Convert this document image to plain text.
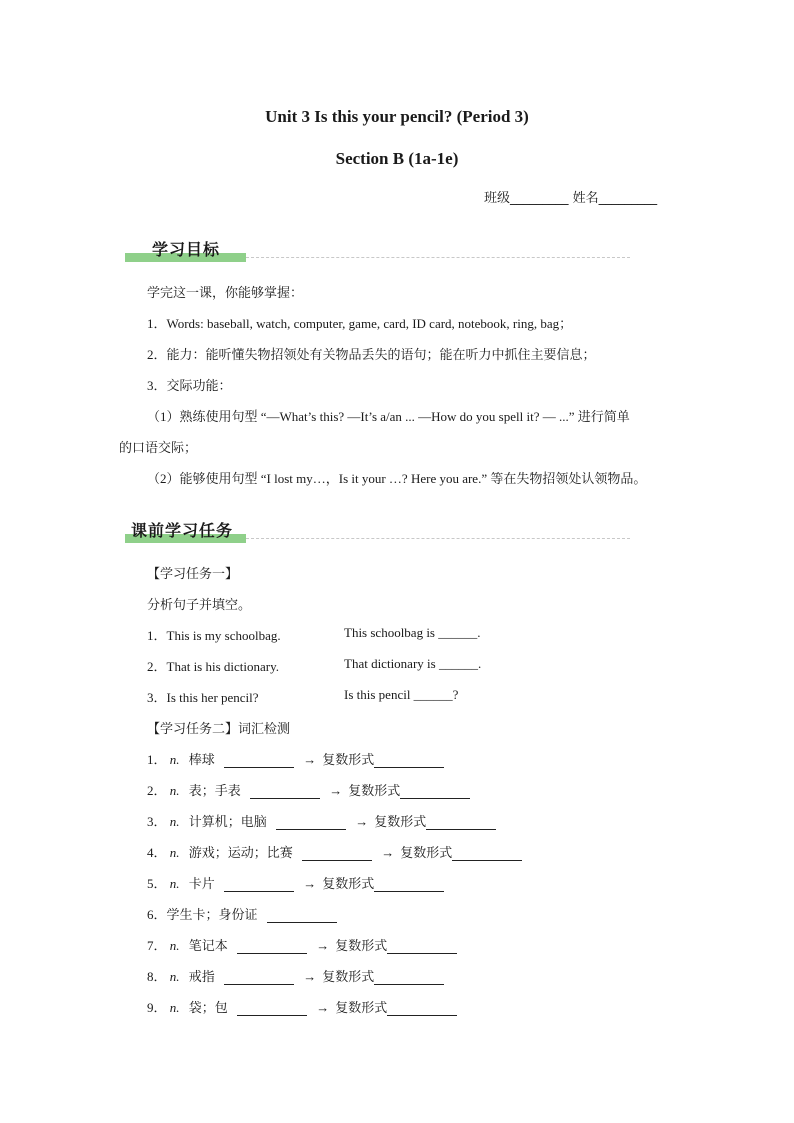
Unit 3 Is this your pencil? (Period 3)
Section B (1a-1e)
班级_________ 姓名_________
学习目标
学完这一课，你能够掌握：
1．Words: baseball, watch, computer, game, card, ID card, notebook, ring, bag；
2．能力：能听懂失物招领处有关物品丢失的语句；能在听力中抓住主要信息；
3．交际功能：
（1）熟练使用句型 “—What’s this? —It’s a/an ... —How do you spell it? — ...” 进行简单
的口语交际；
（2）能够使用句型 “I lost my…，Is it your …? Here you are.” 等在失物招领处认领物品。
课前学习任务
【学习任务一】
分析句子并填空。
1．This is my schoolbag.	This schoolbag is ______.
2．That is his dictionary.	That dictionary is ______.
3．Is this her pencil?	Is this pencil ______?
【学习任务二】词汇检测
1． n. 棒球	→ 复数形式
2． n. 表；手表	→ 复数形式
3． n. 计算机；电脑	→ 复数形式
4． n. 游戏；运动；比赛	→ 复数形式
5． n. 卡片	→ 复数形式
6．学生卡；身份证
7． n. 笔记本	→ 复数形式
8． n. 戒指	→ 复数形式
9． n. 袋；包	→ 复数形式
